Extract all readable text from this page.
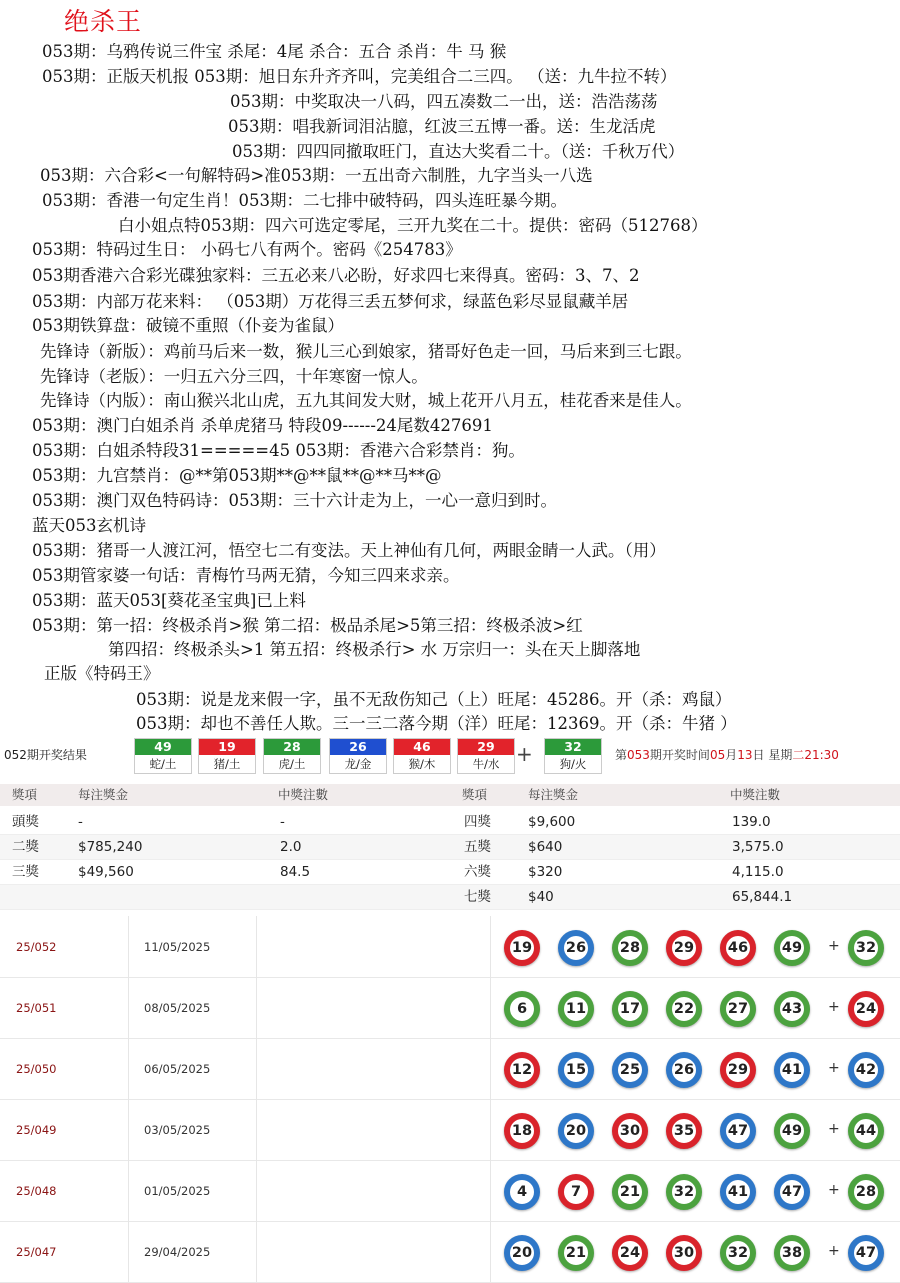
绝杀王
053期：乌鸦传说三件宝 杀尾：4尾 杀合：五合 杀肖：牛 马 猴
053期：正版天机报 053期：旭日东升齐齐叫，完美组合二三四。 （送：九牛拉不转）
053期：中奖取决一八码，四五凑数二一出，送：浩浩荡荡
053期：唱我新词泪沾臆，红波三五博一番。送：生龙活虎
053期：四四同撤取旺门，直达大奖看二十。（送：千秋万代）
053期：六合彩<一句解特码>准053期：一五出奇六制胜，九字当头一八选
053期：香港一句定生肖！053期：二七排中破特码，四头连旺暴今期。
白小姐点特053期：四六可选定零尾，三开九奖在二十。提供：密码（512768）
053期：特码过生日： 小码七八有两个。密码《254783》
053期香港六合彩光碟独家料：三五必来八必盼，好求四七来得真。密码：3、7、2
053期：内部万花来料： （053期）万花得三丢五梦何求，绿蓝色彩尽显鼠藏羊居
053期铁算盘：破镜不重照（仆妾为雀鼠）
先锋诗（新版）：鸡前马后来一数，猴儿三心到娘家，猪哥好色走一回，马后来到三七跟。
先锋诗（老版）：一归五六分三四，十年寒窗一惊人。
先锋诗（内版）：南山猴兴北山虎，五九其间发大财，城上花开八月五，桂花香来是佳人。
053期：澳门白姐杀肖 杀单虎猪马 特段09------24尾数427691
053期：白姐杀特段31=====45 053期：香港六合彩禁肖：狗。
053期：九宫禁肖：@**第053期**@**鼠**@**马**@
053期：澳门双色特码诗：053期：三十六计走为上，一心一意归到时。
蓝天053玄机诗
053期：猪哥一人渡江河，悟空七二有变法。天上神仙有几何，两眼金睛一人武。（用）
053期管家婆一句话：青梅竹马两无猜，今知三四来求亲。
053期：蓝天053[葵花圣宝典]已上料
053期：第一招：终极杀肖>猴 第二招：极品杀尾>5第三招：终极杀波>红
第四招：终极杀头>1 第五招：终极杀行> 水 万宗归一：头在天上脚落地
正版《特码王》
053期：说是龙来假一字，虽不无敌伤知己（上）旺尾：45286。开（杀：鸡鼠）
053期：却也不善任人欺。三一三二落今期（洋）旺尾：12369。开（杀：牛猪 ）
052期开奖结果
49
蛇/土
19
猪/土
28
虎/土
26
龙/金
46
猴/木
29
牛/水
32
狗/火
+	第053期开奖时间05月13日 星期二21:30
獎項	每注獎金	中獎注數	獎項	每注獎金	中獎注數
頭獎	-	-
二獎	$785,240	2.0
三獎	$49,560	84.5
四獎	$9,600	139.0
五獎	$640	3,575.0
六獎	$320	4,115.0
七獎	$40	65,844.1
25/052	11/05/2025	19	26	28	29	46	49	+	32
25/051	08/05/2025	6	11	17	22	27	43	+	24
25/050	06/05/2025	12	15	25	26	29	41	+	42
25/049	03/05/2025	18	20	30	35	47	49	+	44
25/048	01/05/2025	4	7	21	32	41	47	+	28
25/047	29/04/2025	20	21	24	30	32	38	+	47
